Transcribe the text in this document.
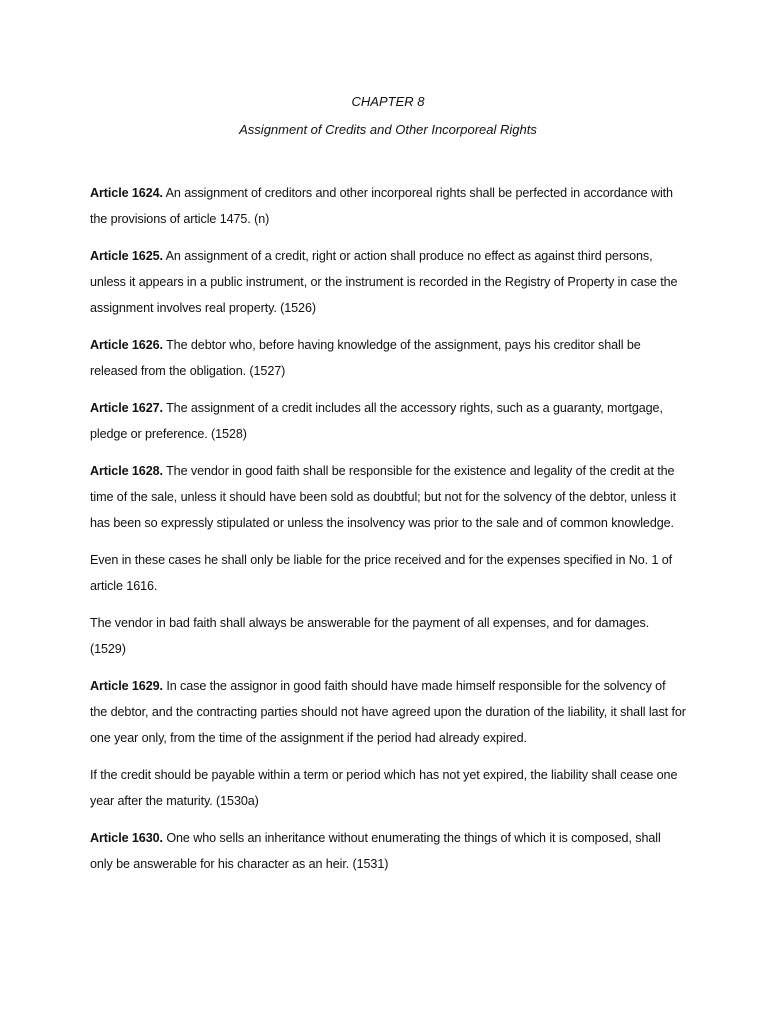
CHAPTER 8
Assignment of Credits and Other Incorporeal Rights

Article 1624. An assignment of creditors and other incorporeal rights shall be perfected in accordance with the provisions of article 1475. (n)

Article 1625. An assignment of a credit, right or action shall produce no effect as against third persons, unless it appears in a public instrument, or the instrument is recorded in the Registry of Property in case the assignment involves real property. (1526)

Article 1626. The debtor who, before having knowledge of the assignment, pays his creditor shall be released from the obligation. (1527)

Article 1627. The assignment of a credit includes all the accessory rights, such as a guaranty, mortgage, pledge or preference. (1528)

Article 1628. The vendor in good faith shall be responsible for the existence and legality of the credit at the time of the sale, unless it should have been sold as doubtful; but not for the solvency of the debtor, unless it has been so expressly stipulated or unless the insolvency was prior to the sale and of common knowledge.

Even in these cases he shall only be liable for the price received and for the expenses specified in No. 1 of article 1616.

The vendor in bad faith shall always be answerable for the payment of all expenses, and for damages. (1529)

Article 1629. In case the assignor in good faith should have made himself responsible for the solvency of the debtor, and the contracting parties should not have agreed upon the duration of the liability, it shall last for one year only, from the time of the assignment if the period had already expired.

If the credit should be payable within a term or period which has not yet expired, the liability shall cease one year after the maturity. (1530a)

Article 1630. One who sells an inheritance without enumerating the things of which it is composed, shall only be answerable for his character as an heir. (1531)
